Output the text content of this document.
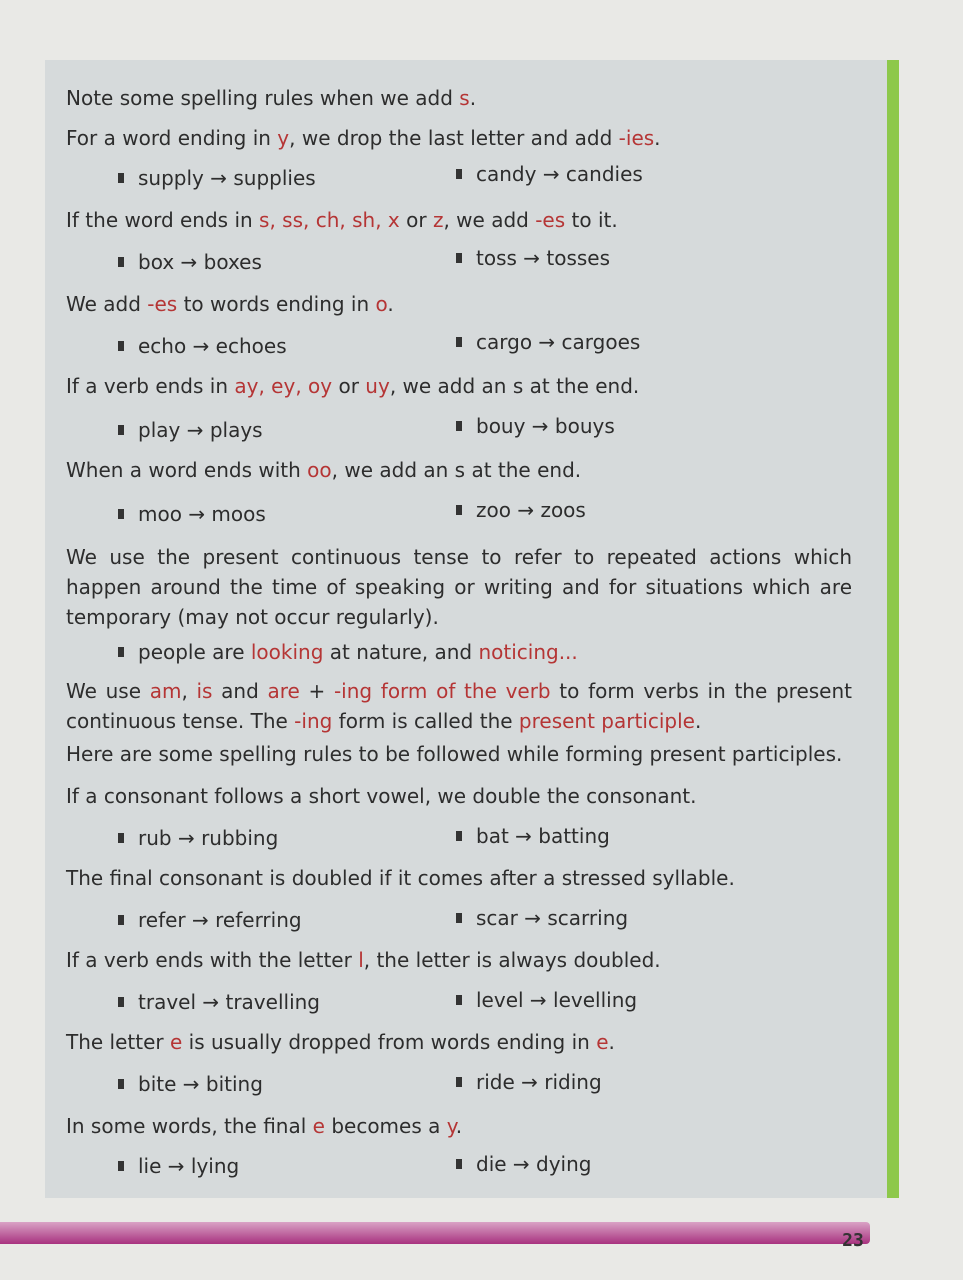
Note some spelling rules when we add s.

For a word ending in y, we drop the last letter and add -ies.

supply → supplies	candy → candies

If the word ends in s, ss, ch, sh, x or z, we add -es to it.

box → boxes	toss → tosses

We add -es to words ending in o.

echo → echoes	cargo → cargoes

If a verb ends in ay, ey, oy or uy, we add an s at the end.

play → plays	bouy → bouys

When a word ends with oo, we add an s at the end.

moo → moos	zoo → zoos

We use the present continuous tense to refer to repeated actions which happen around the time of speaking or writing and for situations which are temporary (may not occur regularly).

people are looking at nature, and noticing...

We use am, is and are + -ing form of the verb to form verbs in the present continuous tense. The -ing form is called the present participle.

Here are some spelling rules to be followed while forming present participles.

If a consonant follows a short vowel, we double the consonant.

rub → rubbing	bat → batting

The final consonant is doubled if it comes after a stressed syllable.

refer → referring	scar → scarring

If a verb ends with the letter l, the letter is always doubled.

travel → travelling	level → levelling

The letter e is usually dropped from words ending in e.

bite → biting	ride → riding

In some words, the final e becomes a y.

lie → lying	die → dying
23
